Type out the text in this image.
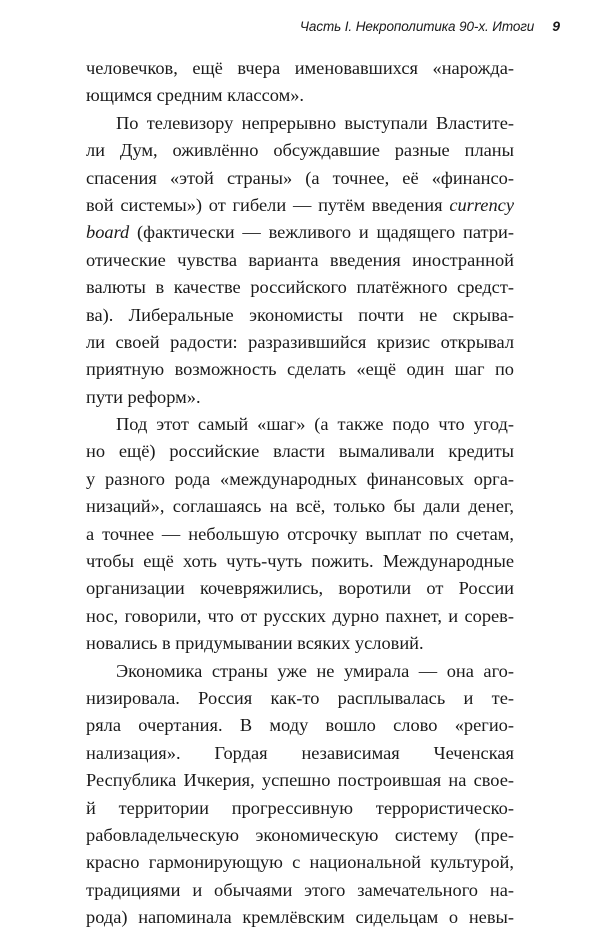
Часть I. Некрополитика 90-х. Итоги 9
человечков, ещё вчера именовавшихся «нарожда-
ющимся средним классом».
По телевизору непрерывно выступали Властите-
ли Дум, оживлённо обсуждавшие разные планы
спасения «этой страны» (а точнее, её «финансо-
вой системы») от гибели — путём введения currency
board (фактически — вежливого и щадящего патри-
отические чувства варианта введения иностранной
валюты в качестве российского платёжного средст-
ва). Либеральные экономисты почти не скрыва-
ли своей радости: разразившийся кризис открывал
приятную возможность сделать «ещё один шаг по
пути реформ».
Под этот самый «шаг» (а также подо что угод-
но ещё) российские власти вымаливали кредиты
у разного рода «международных финансовых орга-
низаций», соглашаясь на всё, только бы дали денег,
а точнее — небольшую отсрочку выплат по счетам,
чтобы ещё хоть чуть-чуть пожить. Международные
организации кочевряжились, воротили от России
нос, говорили, что от русских дурно пахнет, и сорев-
новались в придумывании всяких условий.
Экономика страны уже не умирала — она аго-
низировала. Россия как-то расплывалась и те-
ряла очертания. В моду вошло слово «регио-
нализация». Гордая независимая Чеченская
Республика Ичкерия, успешно построившая на свое-
й территории прогрессивную террористическо-
рабовладельческую экономическую систему (пре-
красно гармонирующую с национальной культурой,
традициями и обычаями этого замечательного на-
рода) напоминала кремлёвским сидельцам о невы-
